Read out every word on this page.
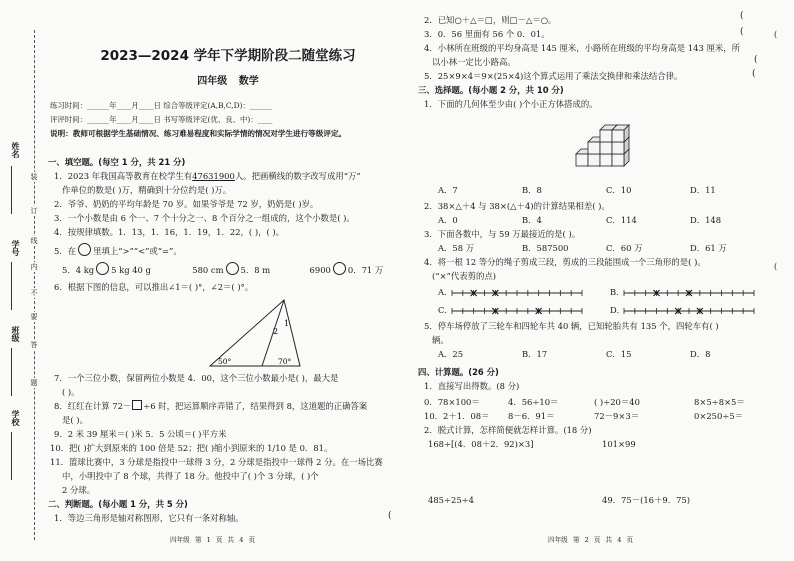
姓名
学号
班级
学校
装
订
线
内
不
要
答
题
2023—2024 学年下学期阶段二随堂练习
四年级 数学
练习时间：______年____月____日 综合等级评定(A,B,C,D)：______
评评时间：______年____月____日 书写等级评定(优、良、中)：____
说明：教师可根据学生基础情况、练习难易程度和实际学情的情况对学生进行等级评定。
一、填空题。(每空 1 分，共 21 分)
1．2023 年我国高等教育在校学生有47631900人。把画横线的数字改写成用“万”
作单位的数是( )万，精确到十分位约是( )万。
2．爷爷、奶奶的平均年龄是 70 岁。如果爷爷是 72 岁，奶奶是( )岁。
3．一个小数是由 6 个一、7 个十分之一、8 个百分之一组成的，这个小数是( )。
4．按规律填数。1．13，1．16，1．19，1．22，( )，( )。
5．在 里填上“>”“<”或“=”。
5．4 kg 5 kg 40 g	580 cm 5．8 m	6900 0．71 万
6．根据下图的信息，可以推出∠1＝( )°，∠2＝( )°。
1
2
50°	70°
7．一个三位小数，保留两位小数是 4．00，这个三位小数最小是( )，最大是
( )。
8．红红在计算 72－ ÷6 时，把运算顺序弄错了，结果得到 8，这道题的正确答案
是( )。
9．2 米 39 厘米＝( )米 5．5 公顷＝( )平方米
10．把( )扩大到原来的 100 倍是 52；把( )缩小到原来的 1/10 是 0．81。
11．篮球比赛中，3 分球是指投中一球得 3 分，2 分球是指投中一球得 2 分。在一场比赛
中，小明投中了 8 个球，共得了 18 分。他投中了( )个 3 分球，( )个
2 分球。
二、判断题。(每小题 1 分，共 5 分)
1．等边三角形是轴对称图形，它只有一条对称轴。	(
四年级 第 1 页 共 4 页
(
2．已知○＋△＝□，则□－△＝○。
(
3．0．56 里面有 56 个 0．01。
4．小林所在班级的平均身高是 145 厘米，小路所在班级的平均身高是 143 厘米，所
以小林一定比小路高。	(
5．25×9×4＝9×(25×4)这个算式运用了乘法交换律和乘法结合律。	(
三、选择题。(每小题 2 分，共 10 分)
1．下面的几何体至少由( )个小正方体搭成的。
A．7	B．8	C．10	D．11
2．38×△＋4 与 38×(△＋4)的计算结果相差( )。
A．0	B．4	C．114	D．148
3．下面各数中，与 59 万最接近的是( )。
A．58 万	B．587500	C．60 万	D．61 万
4．将一根 12 等分的绳子剪成三段，剪成的三段能围成一个三角形的是( )。
(“×”代表剪的点)
A．	B．
C．	D．
5．停车场停放了三轮车和四轮车共 40 辆，已知轮胎共有 135 个，四轮车有( )
辆。
A．25	B．17	C．15	D．8
四、计算题。(26 分)
1．直接写出得数。(8 分)
0．78×100＝	4．56÷10＝	( )÷20＝40	8×5÷8×5＝
10．2＋1．08＝ 8－6．91＝	72－9×3＝	0×250÷5＝
2．脱式计算，怎样简便就怎样计算。(18 分)
168÷[(4．08＋2．92)×3]	101×99
485÷25÷4	49．75－(16＋9．75)
四年级 第 2 页 共 4 页
(
(
